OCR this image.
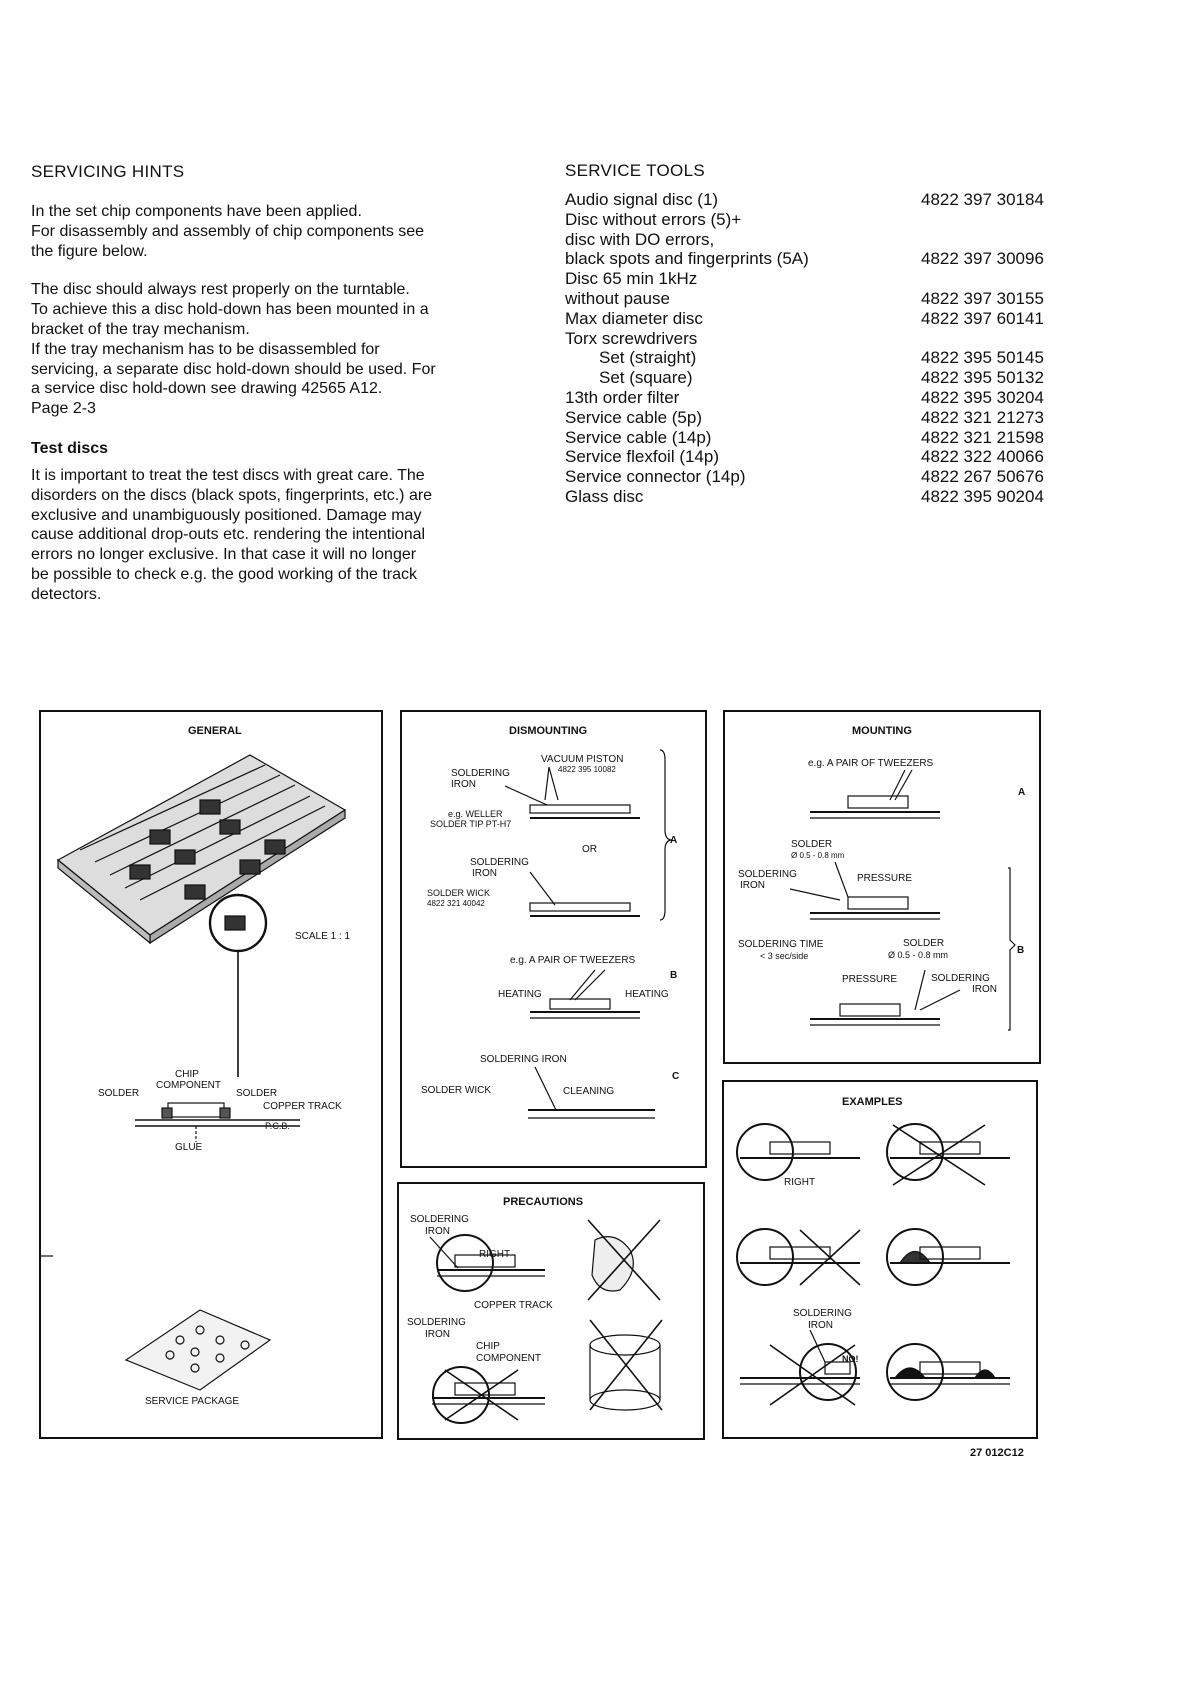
SERVICING HINTS
In the set chip components have been applied.
For disassembly and assembly of chip components see
the figure below.
The disc should always rest properly on the turntable.
To achieve this a disc hold-down has been mounted in a
bracket of the tray mechanism.
If the tray mechanism has to be disassembled for
servicing, a separate disc hold-down should be used. For
a service disc hold-down see drawing 42565 A12.
Page 2-3
Test discs
It is important to treat the test discs with great care. The
disorders on the discs (black spots, fingerprints, etc.) are
exclusive and unambiguously positioned. Damage may
cause additional drop-outs etc. rendering the intentional
errors no longer exclusive. In that case it will no longer
be possible to check e.g. the good working of the track
detectors.
SERVICE TOOLS
Audio signal disc (1)	4822 397 30184
Disc without errors (5)+
disc with DO errors,
black spots and fingerprints (5A)	4822 397 30096
Disc 65 min 1kHz
without pause	4822 397 30155
Max diameter disc	4822 397 60141
Torx screwdrivers
Set (straight)	4822 395 50145
Set (square)	4822 395 50132
13th order filter	4822 395 30204
Service cable (5p)	4822 321 21273
Service cable (14p)	4822 321 21598
Service flexfoil (14p)	4822 322 40066
Service connector (14p)	4822 267 50676
Glass disc	4822 395 90204
GENERAL
SCALE 1 : 1
CHIP
COMPONENT
SOLDER	SOLDER
COPPER TRACK
P.C.B.
GLUE
SERVICE PACKAGE
DISMOUNTING
VACUUM PISTON
4822 395 10082
SOLDERING
IRON
e.g. WELLER
SOLDER TIP PT-H7
OR
SOLDERING
IRON
SOLDER WICK
4822 321 40042
A
e.g. A PAIR OF TWEEZERS
B
HEATING	HEATING
SOLDERING IRON
SOLDER WICK	CLEANING
C
MOUNTING
e.g. A PAIR OF TWEEZERS
A
SOLDER
Ø 0.5 - 0.8 mm
SOLDERING
IRON
PRESSURE
B
SOLDERING TIME
< 3 sec/side
SOLDER
Ø 0.5 - 0.8 mm
PRESSURE	SOLDERING
IRON
PRECAUTIONS
SOLDERING
IRON
RIGHT
COPPER TRACK
SOLDERING
IRON
CHIP
COMPONENT
EXAMPLES
RIGHT
SOLDERING
IRON
NO!
27 012C12
